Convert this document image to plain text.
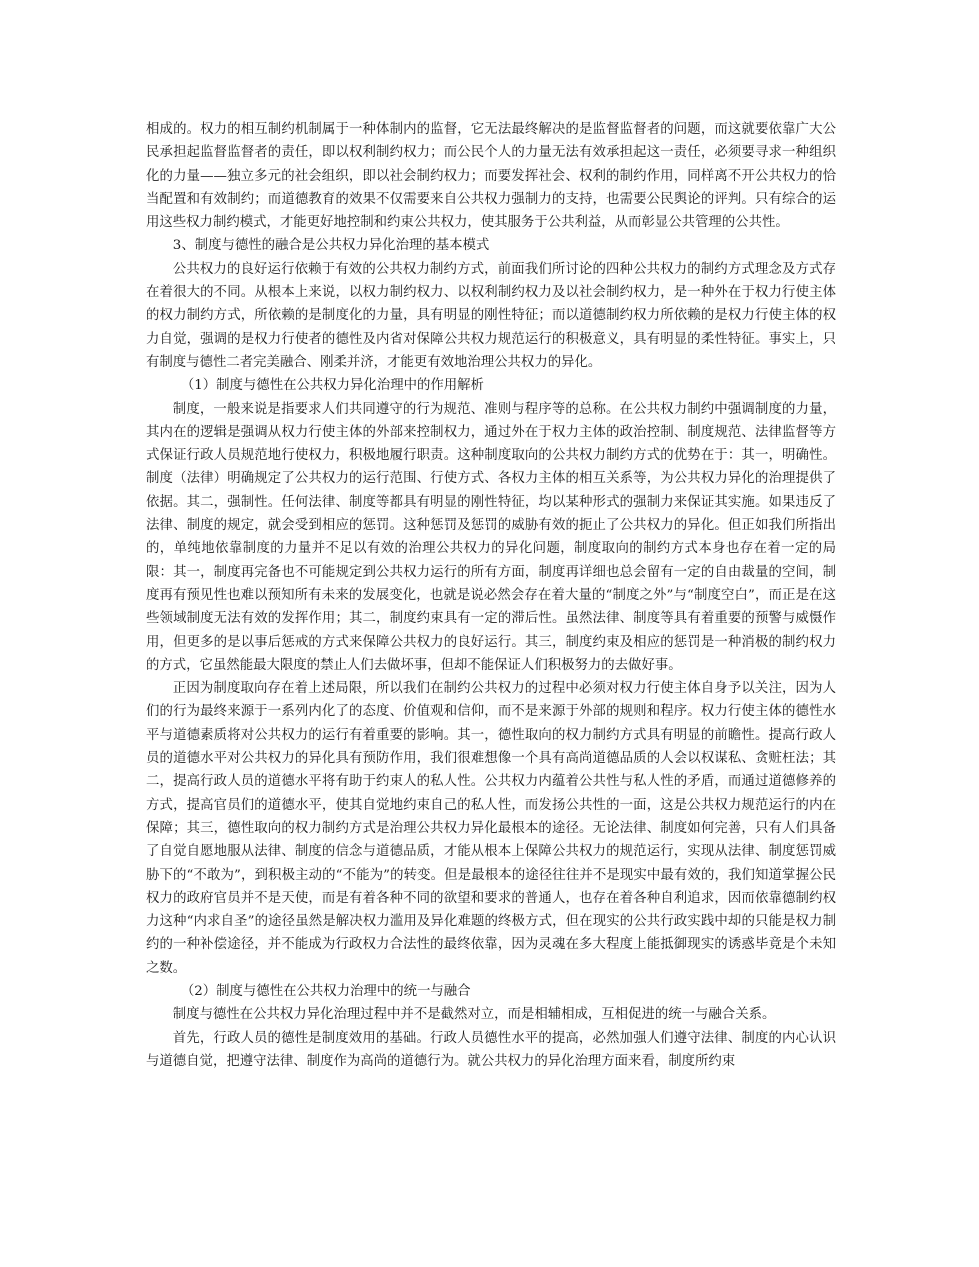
相成的。权力的相互制约机制属于一种体制内的监督，它无法最终解决的是监督监督者的问题，而这就要依靠广大公民承担起监督监督者的责任，即以权利制约权力；而公民个人的力量无法有效承担起这一责任，必须要寻求一种组织化的力量——独立多元的社会组织，即以社会制约权力；而要发挥社会、权利的制约作用，同样离不开公共权力的恰当配置和有效制约；而道德教育的效果不仅需要来自公共权力强制力的支持，也需要公民舆论的评判。只有综合的运用这些权力制约模式，才能更好地控制和约束公共权力，使其服务于公共利益，从而彰显公共管理的公共性。

3、制度与德性的融合是公共权力异化治理的基本模式

公共权力的良好运行依赖于有效的公共权力制约方式，前面我们所讨论的四种公共权力的制约方式理念及方式存在着很大的不同。从根本上来说，以权力制约权力、以权利制约权力及以社会制约权力，是一种外在于权力行使主体的权力制约方式，所依赖的是制度化的力量，具有明显的刚性特征；而以道德制约权力所依赖的是权力行使主体的权力自觉，强调的是权力行使者的德性及内省对保障公共权力规范运行的积极意义，具有明显的柔性特征。事实上，只有制度与德性二者完美融合、刚柔并济，才能更有效地治理公共权力的异化。

（1）制度与德性在公共权力异化治理中的作用解析

制度，一般来说是指要求人们共同遵守的行为规范、准则与程序等的总称。在公共权力制约中强调制度的力量，其内在的逻辑是强调从权力行使主体的外部来控制权力，通过外在于权力主体的政治控制、制度规范、法律监督等方式保证行政人员规范地行使权力，积极地履行职责。这种制度取向的公共权力制约方式的优势在于：其一，明确性。制度（法律）明确规定了公共权力的运行范围、行使方式、各权力主体的相互关系等，为公共权力异化的治理提供了依据。其二，强制性。任何法律、制度等都具有明显的刚性特征，均以某种形式的强制力来保证其实施。如果违反了法律、制度的规定，就会受到相应的惩罚。这种惩罚及惩罚的威胁有效的扼止了公共权力的异化。但正如我们所指出的，单纯地依靠制度的力量并不足以有效的治理公共权力的异化问题，制度取向的制约方式本身也存在着一定的局限：其一，制度再完备也不可能规定到公共权力运行的所有方面，制度再详细也总会留有一定的自由裁量的空间，制度再有预见性也难以预知所有未来的发展变化，也就是说必然会存在着大量的“制度之外”与“制度空白”，而正是在这些领域制度无法有效的发挥作用；其二，制度约束具有一定的滞后性。虽然法律、制度等具有着重要的预警与威慑作用，但更多的是以事后惩戒的方式来保障公共权力的良好运行。其三，制度约束及相应的惩罚是一种消极的制约权力的方式，它虽然能最大限度的禁止人们去做坏事，但却不能保证人们积极努力的去做好事。

正因为制度取向存在着上述局限，所以我们在制约公共权力的过程中必须对权力行使主体自身予以关注，因为人们的行为最终来源于一系列内化了的态度、价值观和信仰，而不是来源于外部的规则和程序。权力行使主体的德性水平与道德素质将对公共权力的运行有着重要的影响。其一，德性取向的权力制约方式具有明显的前瞻性。提高行政人员的道德水平对公共权力的异化具有预防作用，我们很难想像一个具有高尚道德品质的人会以权谋私、贪赃枉法；其二，提高行政人员的道德水平将有助于约束人的私人性。公共权力内蕴着公共性与私人性的矛盾，而通过道德修养的方式，提高官员们的道德水平，使其自觉地约束自己的私人性，而发扬公共性的一面，这是公共权力规范运行的内在保障；其三，德性取向的权力制约方式是治理公共权力异化最根本的途径。无论法律、制度如何完善，只有人们具备了自觉自愿地服从法律、制度的信念与道德品质，才能从根本上保障公共权力的规范运行，实现从法律、制度惩罚威胁下的“不敢为”，到积极主动的“不能为”的转变。但是最根本的途径往往并不是现实中最有效的，我们知道掌握公民权力的政府官员并不是天使，而是有着各种不同的欲望和要求的普通人，也存在着各种自利追求，因而依靠德制约权力这种“内求自圣”的途径虽然是解决权力滥用及异化难题的终极方式，但在现实的公共行政实践中却的只能是权力制约的一种补偿途径，并不能成为行政权力合法性的最终依靠，因为灵魂在多大程度上能抵御现实的诱惑毕竟是个未知之数。

（2）制度与德性在公共权力治理中的统一与融合

制度与德性在公共权力异化治理过程中并不是截然对立，而是相辅相成，互相促进的统一与融合关系。

首先，行政人员的德性是制度效用的基础。行政人员德性水平的提高，必然加强人们遵守法律、制度的内心认识与道德自觉，把遵守法律、制度作为高尚的道德行为。就公共权力的异化治理方面来看，制度所约束
